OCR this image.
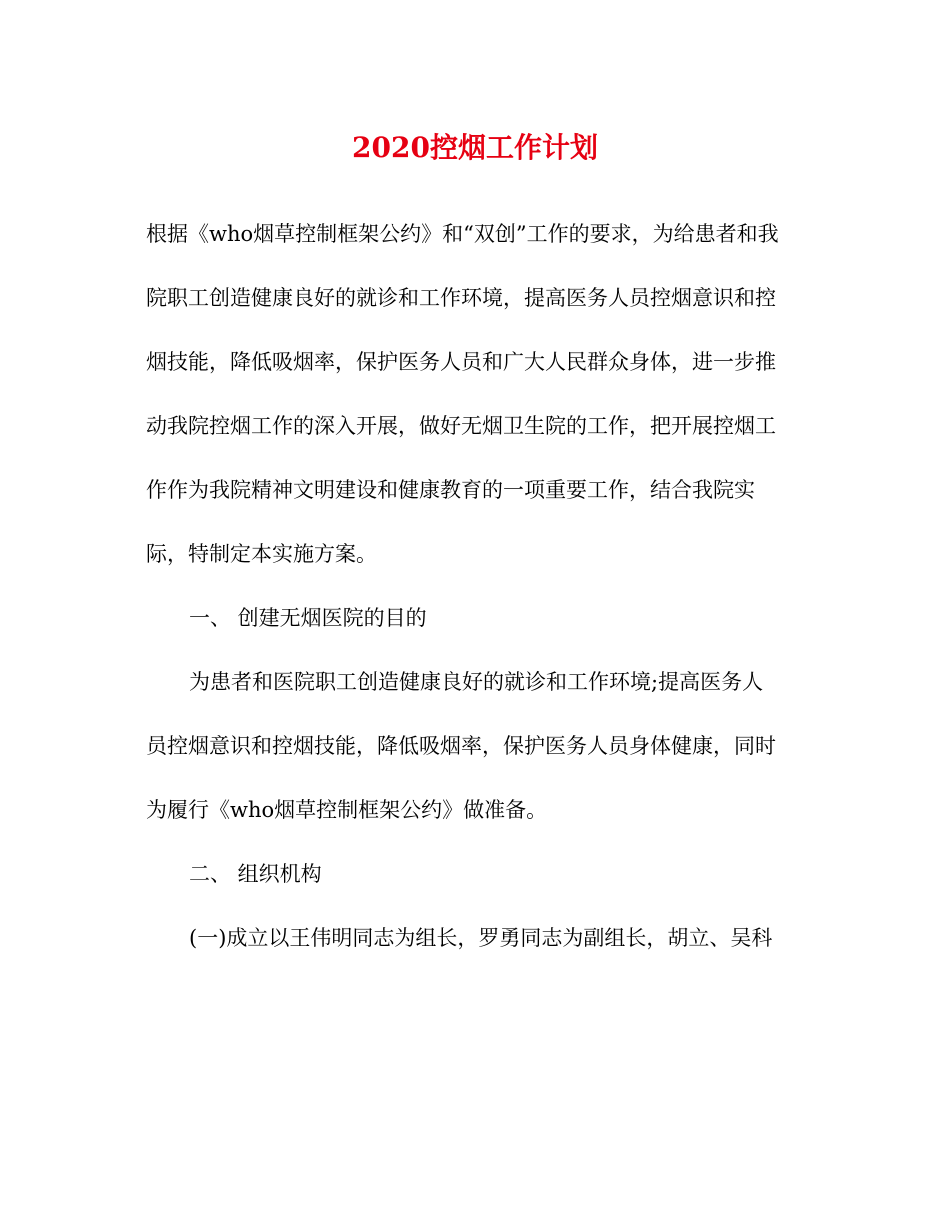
2020控烟工作计划
根据《who烟草控制框架公约》和“双创”工作的要求，为给患者和我
院职工创造健康良好的就诊和工作环境，提高医务人员控烟意识和控
烟技能，降低吸烟率，保护医务人员和广大人民群众身体，进一步推
动我院控烟工作的深入开展，做好无烟卫生院的工作，把开展控烟工
作作为我院精神文明建设和健康教育的一项重要工作，结合我院实
际，特制定本实施方案。
一、 创建无烟医院的目的
为患者和医院职工创造健康良好的就诊和工作环境;提高医务人
员控烟意识和控烟技能，降低吸烟率，保护医务人员身体健康，同时
为履行《who烟草控制框架公约》做准备。
二、 组织机构
(一)成立以王伟明同志为组长，罗勇同志为副组长，胡立、吴科
